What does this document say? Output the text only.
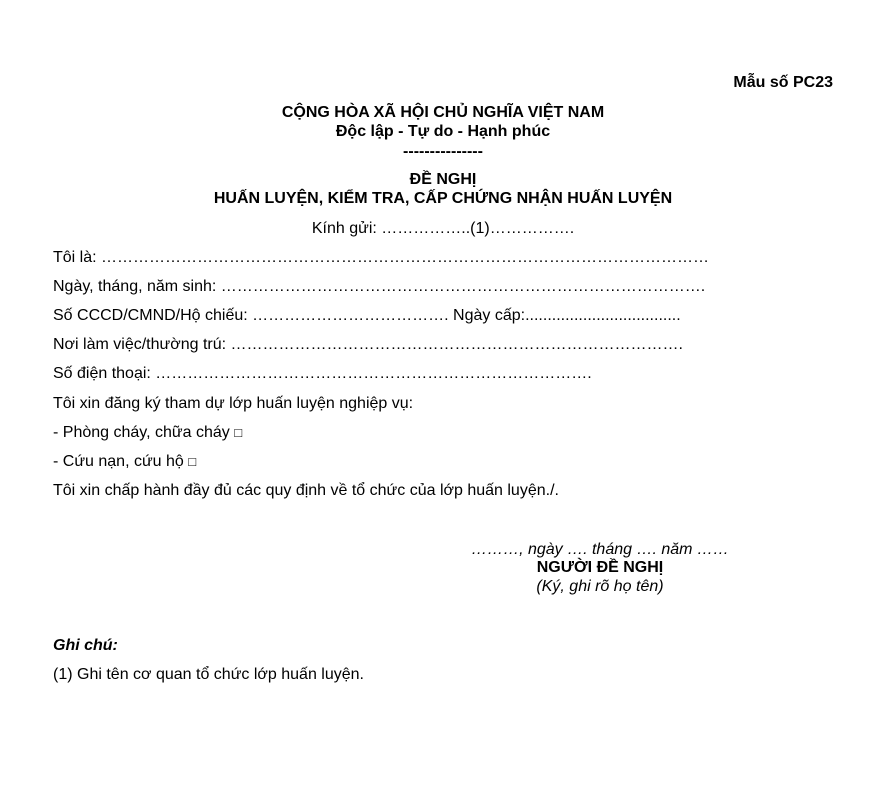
Mẫu số PC23
CỘNG HÒA XÃ HỘI CHỦ NGHĨA VIỆT NAM
Độc lập - Tự do - Hạnh phúc
---------------
ĐỀ NGHỊ
HUẤN LUYỆN, KIỂM TRA, CẤP CHỨNG NHẬN HUẤN LUYỆN
Kính gửi: ……………..(1)…………….
Tôi là: ……………………………………………………………………………………………………
Ngày, tháng, năm sinh: ……………………………………………………………………………….
Số CCCD/CMND/Hộ chiếu: ………………………………. Ngày cấp:...................................
Nơi làm việc/thường trú: ………………………………………………………………………….
Số điện thoại: ……………………………………………………………………….
Tôi xin đăng ký tham dự lớp huấn luyện nghiệp vụ:
- Phòng cháy, chữa cháy □
- Cứu nạn, cứu hộ □
Tôi xin chấp hành đầy đủ các quy định về tổ chức của lớp huấn luyện./.
………, ngày …. tháng …. năm ……
NGƯỜI ĐỀ NGHỊ
(Ký, ghi rõ họ tên)
Ghi chú:
(1) Ghi tên cơ quan tổ chức lớp huấn luyện.
